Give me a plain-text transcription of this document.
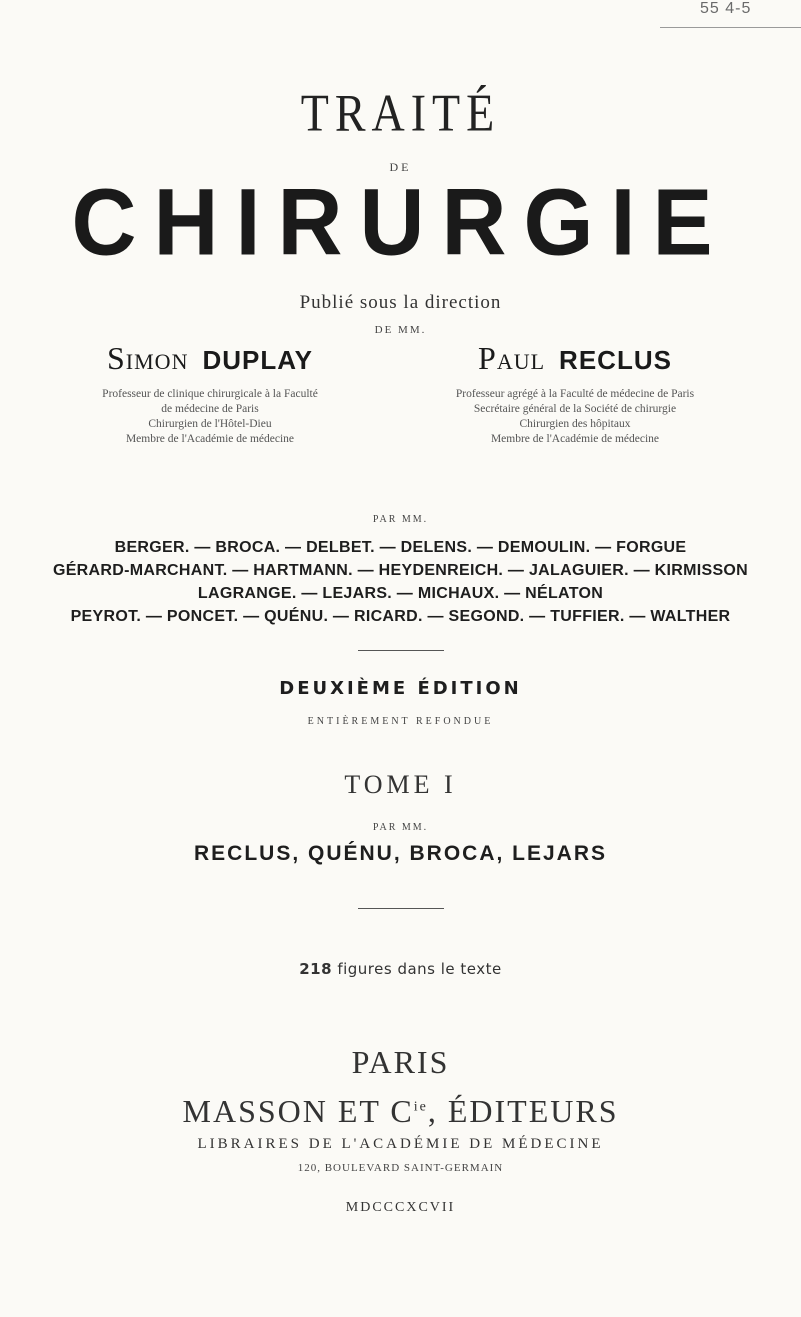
55 4-5
TRAITÉ
DE
CHIRURGIE
Publié sous la direction
DE MM.
SIMON DUPLAY
Professeur de clinique chirurgicale à la Faculté
de médecine de Paris
Chirurgien de l'Hôtel-Dieu
Membre de l'Académie de médecine
PAUL RECLUS
Professeur agrégé à la Faculté de médecine de Paris
Secrétaire général de la Société de chirurgie
Chirurgien des hôpitaux
Membre de l'Académie de médecine
PAR MM.
BERGER. — BROCA. — DELBET. — DELENS. — DEMOULIN. — FORGUE
GÉRARD-MARCHANT. — HARTMANN. — HEYDENREICH. — JALAGUIER. — KIRMISSON
LAGRANGE. — LEJARS. — MICHAUX. — NÉLATON
PEYROT. — PONCET. — QUÉNU. — RICARD. — SEGOND. — TUFFIER. — WALTHER
DEUXIÈME ÉDITION
ENTIÈREMENT REFONDUE
TOME I
PAR MM.
RECLUS, QUÉNU, BROCA, LEJARS
218 figures dans le texte
PARIS
MASSON ET $C^{ie}$, ÉDITEURS
LIBRAIRES DE L'ACADÉMIE DE MÉDECINE
120, BOULEVARD SAINT-GERMAIN
MDCCCXCVII
